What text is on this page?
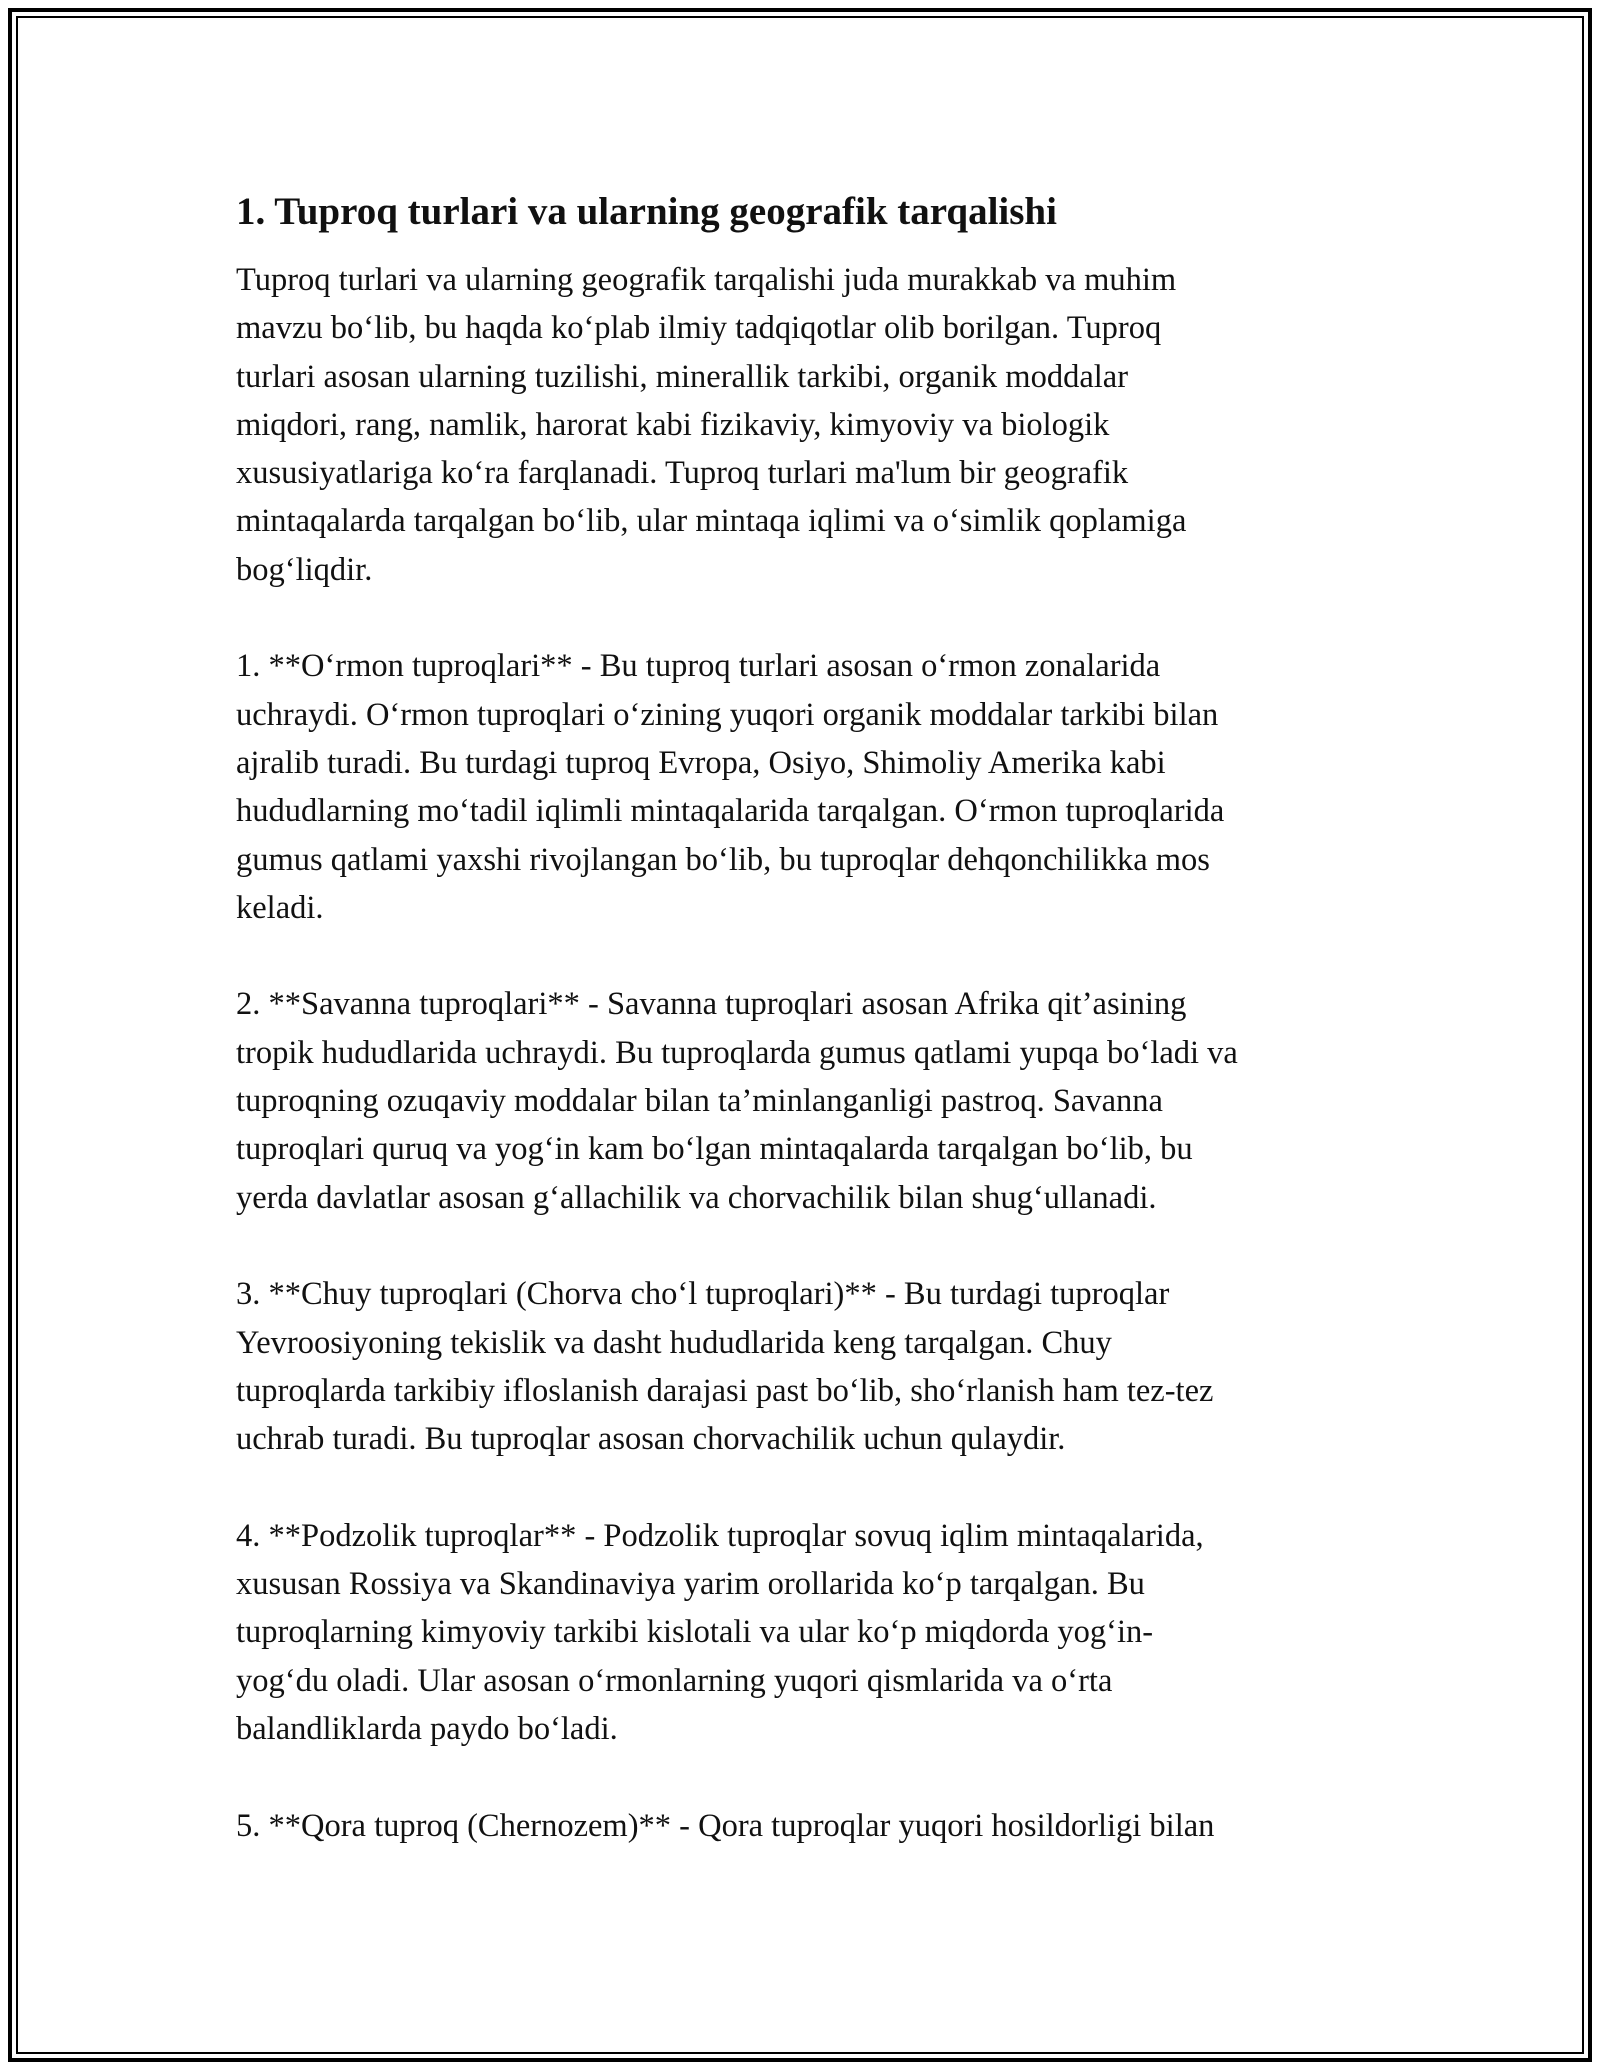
1. Tuproq turlari va ularning geografik tarqalishi

Tuproq turlari va ularning geografik tarqalishi juda murakkab va muhim
mavzu boʻlib, bu haqda koʻplab ilmiy tadqiqotlar olib borilgan. Tuproq
turlari asosan ularning tuzilishi, minerallik tarkibi, organik moddalar
miqdori, rang, namlik, harorat kabi fizikaviy, kimyoviy va biologik
xususiyatlariga koʻra farqlanadi. Tuproq turlari ma'lum bir geografik
mintaqalarda tarqalgan boʻlib, ular mintaqa iqlimi va oʻsimlik qoplamiga
bogʻliqdir.

1. **Oʻrmon tuproqlari** - Bu tuproq turlari asosan oʻrmon zonalarida
uchraydi. Oʻrmon tuproqlari oʻzining yuqori organik moddalar tarkibi bilan
ajralib turadi. Bu turdagi tuproq Evropa, Osiyo, Shimoliy Amerika kabi
hududlarning moʻtadil iqlimli mintaqalarida tarqalgan. Oʻrmon tuproqlarida
gumus qatlami yaxshi rivojlangan boʻlib, bu tuproqlar dehqonchilikka mos
keladi.

2. **Savanna tuproqlari** - Savanna tuproqlari asosan Afrika qit’asining
tropik hududlarida uchraydi. Bu tuproqlarda gumus qatlami yupqa boʻladi va
tuproqning ozuqaviy moddalar bilan ta’minlanganligi pastroq. Savanna
tuproqlari quruq va yogʻin kam boʻlgan mintaqalarda tarqalgan boʻlib, bu
yerda davlatlar asosan gʻallachilik va chorvachilik bilan shugʻullanadi.

3. **Chuy tuproqlari (Chorva choʻl tuproqlari)** - Bu turdagi tuproqlar
Yevroosiyoning tekislik va dasht hududlarida keng tarqalgan. Chuy
tuproqlarda tarkibiy ifloslanish darajasi past boʻlib, shoʻrlanish ham tez-tez
uchrab turadi. Bu tuproqlar asosan chorvachilik uchun qulaydir.

4. **Podzolik tuproqlar** - Podzolik tuproqlar sovuq iqlim mintaqalarida,
xususan Rossiya va Skandinaviya yarim orollarida koʻp tarqalgan. Bu
tuproqlarning kimyoviy tarkibi kislotali va ular koʻp miqdorda yogʻin-
yogʻdu oladi. Ular asosan oʻrmonlarning yuqori qismlarida va oʻrta
balandliklarda paydo boʻladi.

5. **Qora tuproq (Chernozem)** - Qora tuproqlar yuqori hosildorligi bilan
